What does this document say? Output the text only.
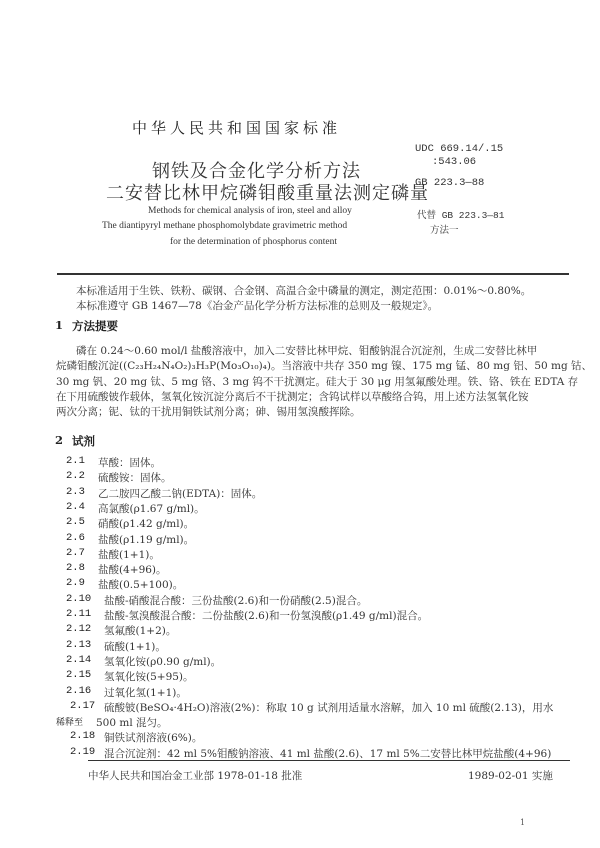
中华人民共和国国家标准
钢铁及合金化学分析方法
二安替比林甲烷磷钼酸重量法测定磷量
Methods for chemical analysis of iron, steel and alloy
The diantipyryl methane phosphomolybdate gravimetric method
for the determination of phosphorus content
UDC 669.14/.15
:543.06
GB 223.3—88
代替 GB 223.3—81
方法一
本标准适用于生铁、铁粉、碳钢、合金钢、高温合金中磷量的测定，测定范围：0.01%～0.80%。
本标准遵守 GB 1467—78《冶金产品化学分析方法标准的总则及一般规定》。
1 方法提要
磷在 0.24～0.60 mol/l 盐酸溶液中，加入二安替比林甲烷、钼酸钠混合沉淀剂，生成二安替比林甲
烷磷钼酸沉淀((C₂₃H₂₄N₄O₂)₃H₃P(Mo₃O₁₀)₄)。当溶液中共存 350 mg 镍、175 mg 锰、80 mg 铝、50 mg 钴、
30 mg 钒、20 mg 钛、5 mg 铬、3 mg 钨不干扰测定。硅大于 30 μg 用氢氟酸处理。铁、铬、铁在 EDTA 存
在下用硫酸铍作载体，氢氧化铵沉淀分离后不干扰测定；含钨试样以草酸络合钨，用上述方法氢氧化铵
两次分离；铌、钛的干扰用铜铁试剂分离；砷、锡用氢溴酸挥除。
2 试剂
2.1	草酸：固体。
2.2	硫酸铵：固体。
2.3	乙二胺四乙酸二钠(EDTA)：固体。
2.4	高氯酸(ρ1.67 g/ml)。
2.5	硝酸(ρ1.42 g/ml)。
2.6	盐酸(ρ1.19 g/ml)。
2.7	盐酸(1+1)。
2.8	盐酸(4+96)。
2.9	盐酸(0.5+100)。
2.10	盐酸-硝酸混合酸：三份盐酸(2.6)和一份硝酸(2.5)混合。
2.11	盐酸-氢溴酸混合酸：二份盐酸(2.6)和一份氢溴酸(ρ1.49 g/ml)混合。
2.12	氢氟酸(1+2)。
2.13	硫酸(1+1)。
2.14	氢氧化铵(ρ0.90 g/ml)。
2.15	氢氧化铵(5+95)。
2.16	过氧化氢(1+1)。
2.17 硫酸铍(BeSO₄·4H₂O)溶液(2%)：称取 10 g 试剂用适量水溶解，加入 10 ml 硫酸(2.13)，用水
稀释至	500 ml 混匀。
2.18 铜铁试剂溶液(6%)。
2.19 混合沉淀剂：42 ml 5%钼酸钠溶液、41 ml 盐酸(2.6)、17 ml 5%二安替比林甲烷盐酸(4+96)
中华人民共和国冶金工业部 1978-01-18 批准	1989-02-01 实施
1
